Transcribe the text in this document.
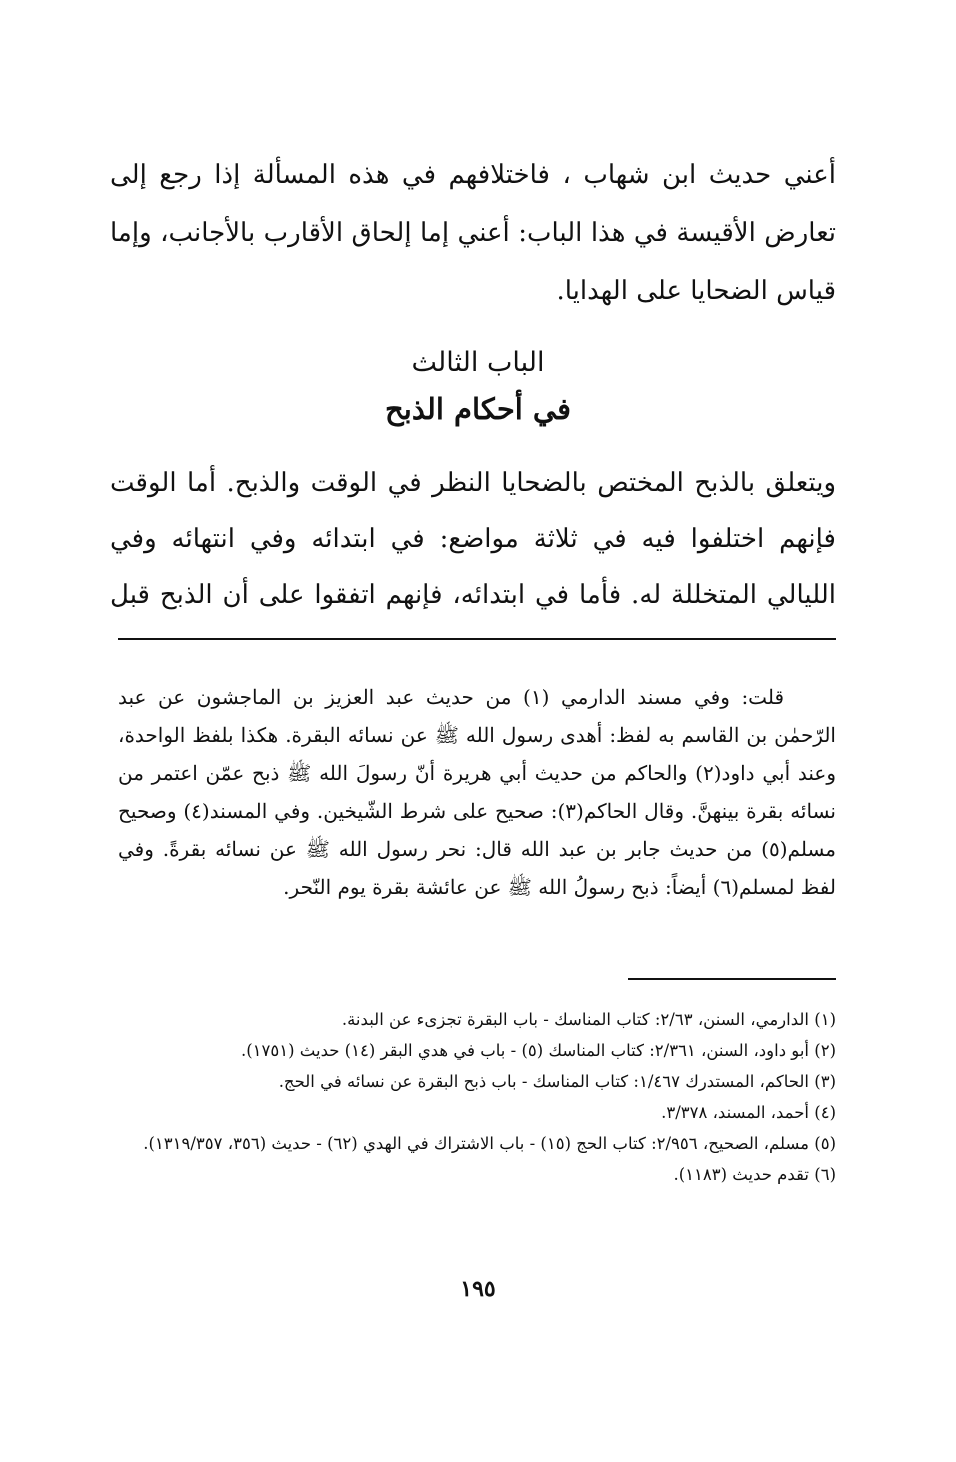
أعني حديث ابن شهاب ، فاختلافهم في هذه المسألة إذا رجع إلى تعارض الأقيسة في هذا الباب: أعني إما إلحاق الأقارب بالأجانب، وإما قياس الضحايا على الهدايا.

الباب الثالث
في أحكام الذبح

ويتعلق بالذبح المختص بالضحايا النظر في الوقت والذبح. أما الوقت فإنهم اختلفوا فيه في ثلاثة مواضع: في ابتدائه وفي انتهائه وفي الليالي المتخللة له. فأما في ابتدائه، فإنهم اتفقوا على أن الذبح قبل

قلت: وفي مسند الدارمي (١) من حديث عبد العزيز بن الماجشون عن عبد الرّحمٰن بن القاسم به لفظ: أهدى رسول الله ﷺ عن نسائه البقرة. هكذا بلفظ الواحدة، وعند أبي داود(٢) والحاكم من حديث أبي هريرة أنّ رسولَ الله ﷺ ذبح عمّن اعتمر من نسائه بقرة بينهنَّ. وقال الحاكم(٣): صحيح على شرط الشّيخين. وفي المسند(٤) وصحيح مسلم(٥) من حديث جابر بن عبد الله قال: نحر رسول الله ﷺ عن نسائه بقرةً. وفي لفظ لمسلم(٦) أيضاً: ذبح رسولُ الله ﷺ عن عائشة بقرة يوم النّحر.

(١) الدارمي، السنن، ٢/٦٣: كتاب المناسك - باب البقرة تجزىء عن البدنة.
(٢) أبو داود، السنن، ٢/٣٦١: كتاب المناسك (٥) - باب في هدي البقر (١٤) حديث (١٧٥١).
(٣) الحاكم، المستدرك ١/٤٦٧: كتاب المناسك - باب ذبح البقرة عن نسائه في الحج.
(٤) أحمد، المسند، ٣/٣٧٨.
(٥) مسلم، الصحيح، ٢/٩٥٦: كتاب الحج (١٥) - باب الاشتراك في الهدي (٦٢) - حديث (٣٥٦، ١٣١٩/٣٥٧).
(٦) تقدم حديث (١١٨٣).
١٩٥
